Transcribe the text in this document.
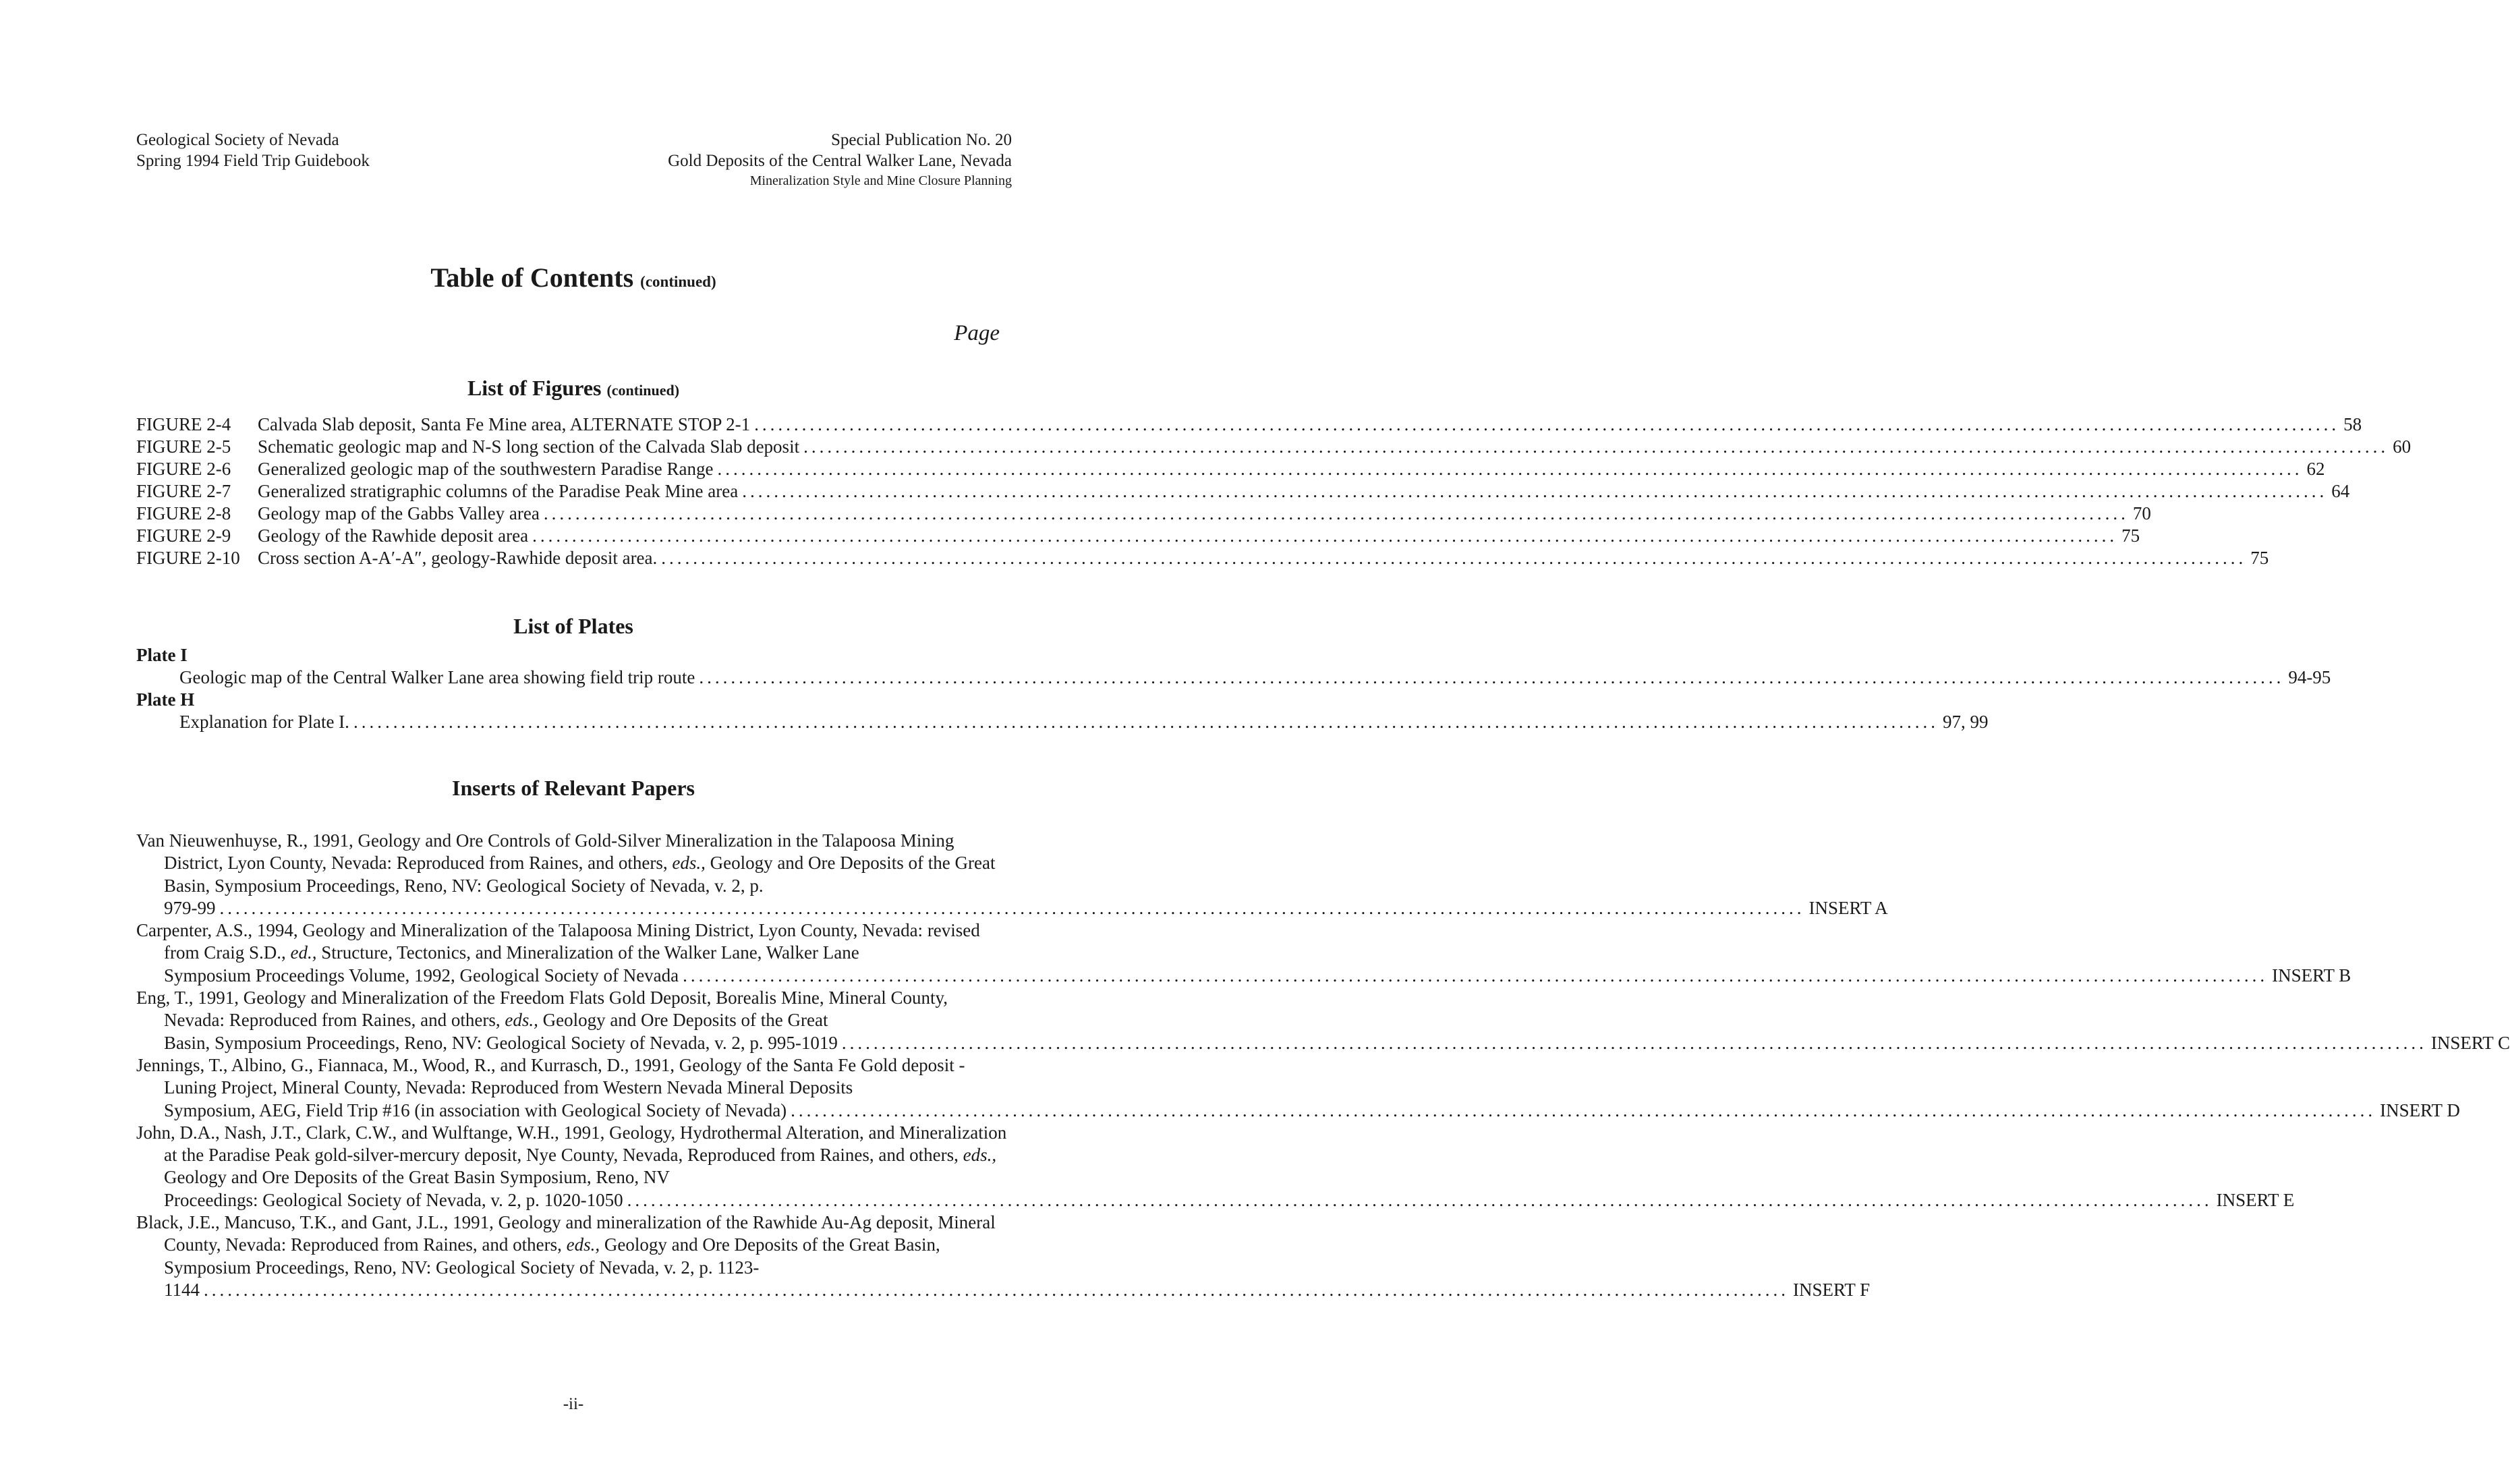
Geological Society of Nevada
Spring 1994 Field Trip Guidebook
Special Publication No. 20
Gold Deposits of the Central Walker Lane, Nevada
Mineralization Style and Mine Closure Planning
Table of Contents (continued)
Page
List of Figures (continued)
FIGURE 2-4	Calvada Slab deposit, Santa Fe Mine area, ALTERNATE STOP 2-1 ........................................................................................................................................................................................................ 58
FIGURE 2-5	Schematic geologic map and N-S long section of the Calvada Slab deposit ........................................................................................................................................................................................................ 60
FIGURE 2-6	Generalized geologic map of the southwestern Paradise Range ........................................................................................................................................................................................................ 62
FIGURE 2-7	Generalized stratigraphic columns of the Paradise Peak Mine area ........................................................................................................................................................................................................ 64
FIGURE 2-8	Geology map of the Gabbs Valley area ........................................................................................................................................................................................................ 70
FIGURE 2-9	Geology of the Rawhide deposit area ........................................................................................................................................................................................................ 75
FIGURE 2-10 Cross section A-A′-A″, geology-Rawhide deposit area. ........................................................................................................................................................................................................ 75
List of Plates
Plate I
Geologic map of the Central Walker Lane area showing field trip route ........................................................................................................................................................................................................ 94-95
Plate H
Explanation for Plate I. ........................................................................................................................................................................................................ 97, 99
Inserts of Relevant Papers
Van Nieuwenhuyse, R., 1991, Geology and Ore Controls of Gold-Silver Mineralization in the Talapoosa Mining District, Lyon County, Nevada: Reproduced from Raines, and others, eds., Geology and Ore Deposits of the Great Basin, Symposium Proceedings, Reno, NV: Geological Society of Nevada, v. 2, p.
979-99 ........................................................................................................................................................................................................ INSERT A
Carpenter, A.S., 1994, Geology and Mineralization of the Talapoosa Mining District, Lyon County, Nevada: revised from Craig S.D., ed., Structure, Tectonics, and Mineralization of the Walker Lane, Walker Lane
Symposium Proceedings Volume, 1992, Geological Society of Nevada ........................................................................................................................................................................................................ INSERT B
Eng, T., 1991, Geology and Mineralization of the Freedom Flats Gold Deposit, Borealis Mine, Mineral County, Nevada: Reproduced from Raines, and others, eds., Geology and Ore Deposits of the Great
Basin, Symposium Proceedings, Reno, NV: Geological Society of Nevada, v. 2, p. 995-1019 ........................................................................................................................................................................................................ INSERT C
Jennings, T., Albino, G., Fiannaca, M., Wood, R., and Kurrasch, D., 1991, Geology of the Santa Fe Gold deposit - Luning Project, Mineral County, Nevada: Reproduced from Western Nevada Mineral Deposits
Symposium, AEG, Field Trip #16 (in association with Geological Society of Nevada) ........................................................................................................................................................................................................ INSERT D
John, D.A., Nash, J.T., Clark, C.W., and Wulftange, W.H., 1991, Geology, Hydrothermal Alteration, and Mineralization at the Paradise Peak gold-silver-mercury deposit, Nye County, Nevada, Reproduced from Raines, and others, eds., Geology and Ore Deposits of the Great Basin Symposium, Reno, NV
Proceedings: Geological Society of Nevada, v. 2, p. 1020-1050 ........................................................................................................................................................................................................ INSERT E
Black, J.E., Mancuso, T.K., and Gant, J.L., 1991, Geology and mineralization of the Rawhide Au-Ag deposit, Mineral County, Nevada: Reproduced from Raines, and others, eds., Geology and Ore Deposits of the Great Basin, Symposium Proceedings, Reno, NV: Geological Society of Nevada, v. 2, p. 1123-
1144 ........................................................................................................................................................................................................ INSERT F
-ii-
